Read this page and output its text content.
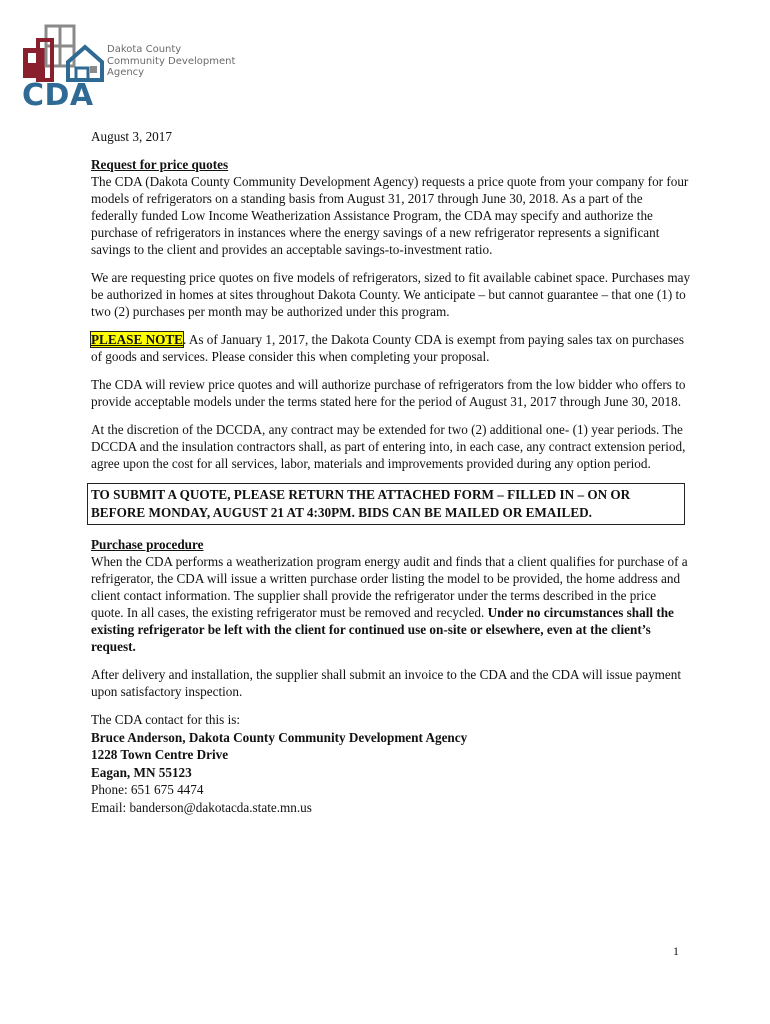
Dakota County
Community Development
Agency
CDA

August 3, 2017

Request for price quotes
The CDA (Dakota County Community Development Agency) requests a price quote from your company for four models of refrigerators on a standing basis from August 31, 2017 through June 30, 2018. As a part of the federally funded Low Income Weatherization Assistance Program, the CDA may specify and authorize the purchase of refrigerators in instances where the energy savings of a new refrigerator represents a significant savings to the client and provides an acceptable savings-to-investment ratio.

We are requesting price quotes on five models of refrigerators, sized to fit available cabinet space. Purchases may be authorized in homes at sites throughout Dakota County. We anticipate – but cannot guarantee – that one (1) to two (2) purchases per month may be authorized under this program.

PLEASE NOTE. As of January 1, 2017, the Dakota County CDA is exempt from paying sales tax on purchases of goods and services. Please consider this when completing your proposal.

The CDA will review price quotes and will authorize purchase of refrigerators from the low bidder who offers to provide acceptable models under the terms stated here for the period of August 31, 2017 through June 30, 2018.

At the discretion of the DCCDA, any contract may be extended for two (2) additional one- (1) year periods. The DCCDA and the insulation contractors shall, as part of entering into, in each case, any contract extension period, agree upon the cost for all services, labor, materials and improvements provided during any option period.

TO SUBMIT A QUOTE, PLEASE RETURN THE ATTACHED FORM – FILLED IN – ON OR BEFORE MONDAY, AUGUST 21 AT 4:30PM. BIDS CAN BE MAILED OR EMAILED.

Purchase procedure
When the CDA performs a weatherization program energy audit and finds that a client qualifies for purchase of a refrigerator, the CDA will issue a written purchase order listing the model to be provided, the home address and client contact information. The supplier shall provide the refrigerator under the terms described in the price quote. In all cases, the existing refrigerator must be removed and recycled. Under no circumstances shall the existing refrigerator be left with the client for continued use on-site or elsewhere, even at the client’s request.

After delivery and installation, the supplier shall submit an invoice to the CDA and the CDA will issue payment upon satisfactory inspection.

The CDA contact for this is:
Bruce Anderson, Dakota County Community Development Agency
1228 Town Centre Drive
Eagan, MN 55123
Phone: 651 675 4474
Email: banderson@dakotacda.state.mn.us

1
